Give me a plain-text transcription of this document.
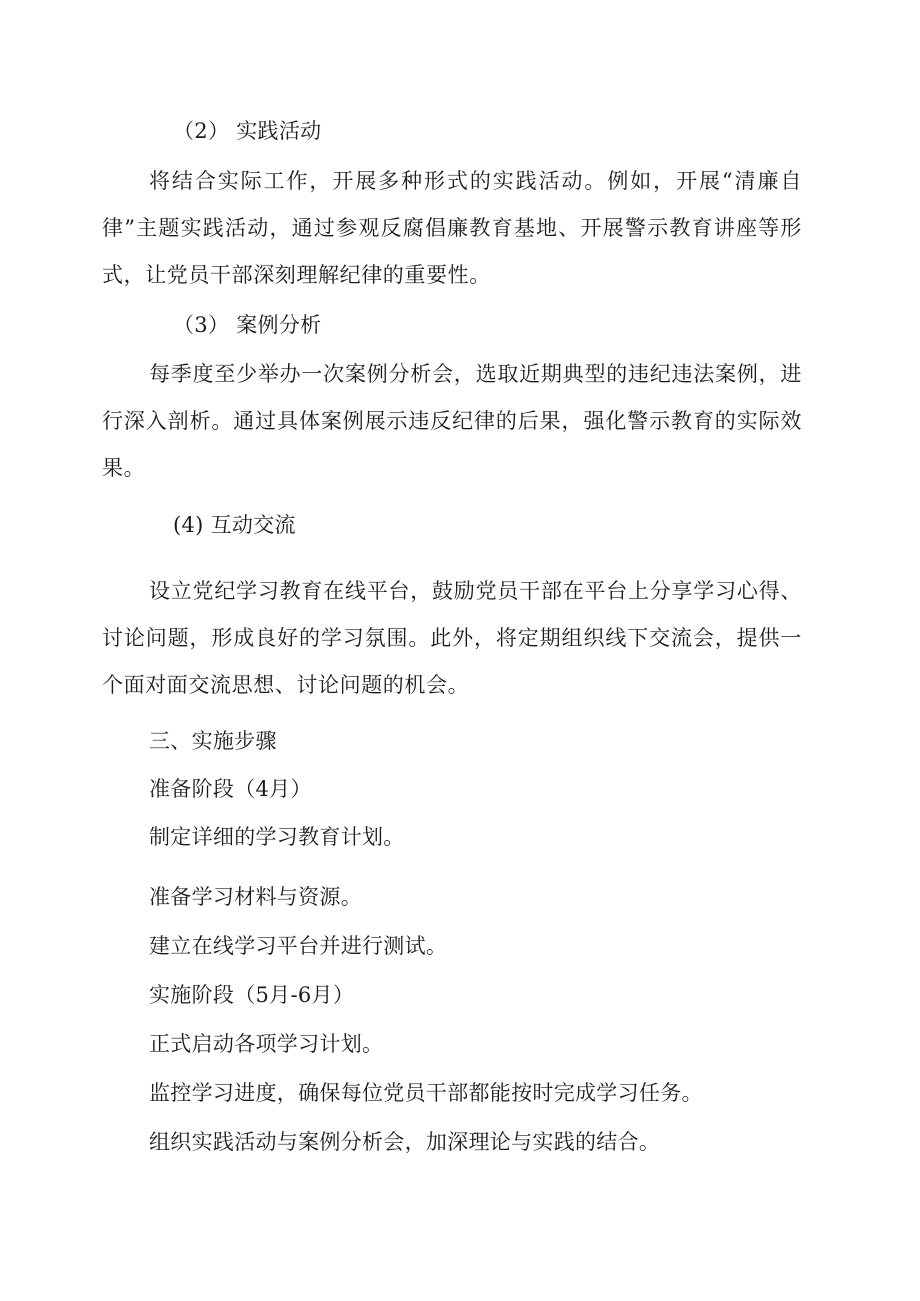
（2） 实践活动

将结合实际工作，开展多种形式的实践活动。例如，开展“清廉自律”主题实践活动，通过参观反腐倡廉教育基地、开展警示教育讲座等形式，让党员干部深刻理解纪律的重要性。

（3） 案例分析

每季度至少举办一次案例分析会，选取近期典型的违纪违法案例，进行深入剖析。通过具体案例展示违反纪律的后果，强化警示教育的实际效果。

(4) 互动交流

设立党纪学习教育在线平台，鼓励党员干部在平台上分享学习心得、讨论问题，形成良好的学习氛围。此外，将定期组织线下交流会，提供一个面对面交流思想、讨论问题的机会。

三、实施步骤
准备阶段（4月）
制定详细的学习教育计划。
准备学习材料与资源。
建立在线学习平台并进行测试。
实施阶段（5月-6月）
正式启动各项学习计划。
监控学习进度，确保每位党员干部都能按时完成学习任务。
组织实践活动与案例分析会，加深理论与实践的结合。
